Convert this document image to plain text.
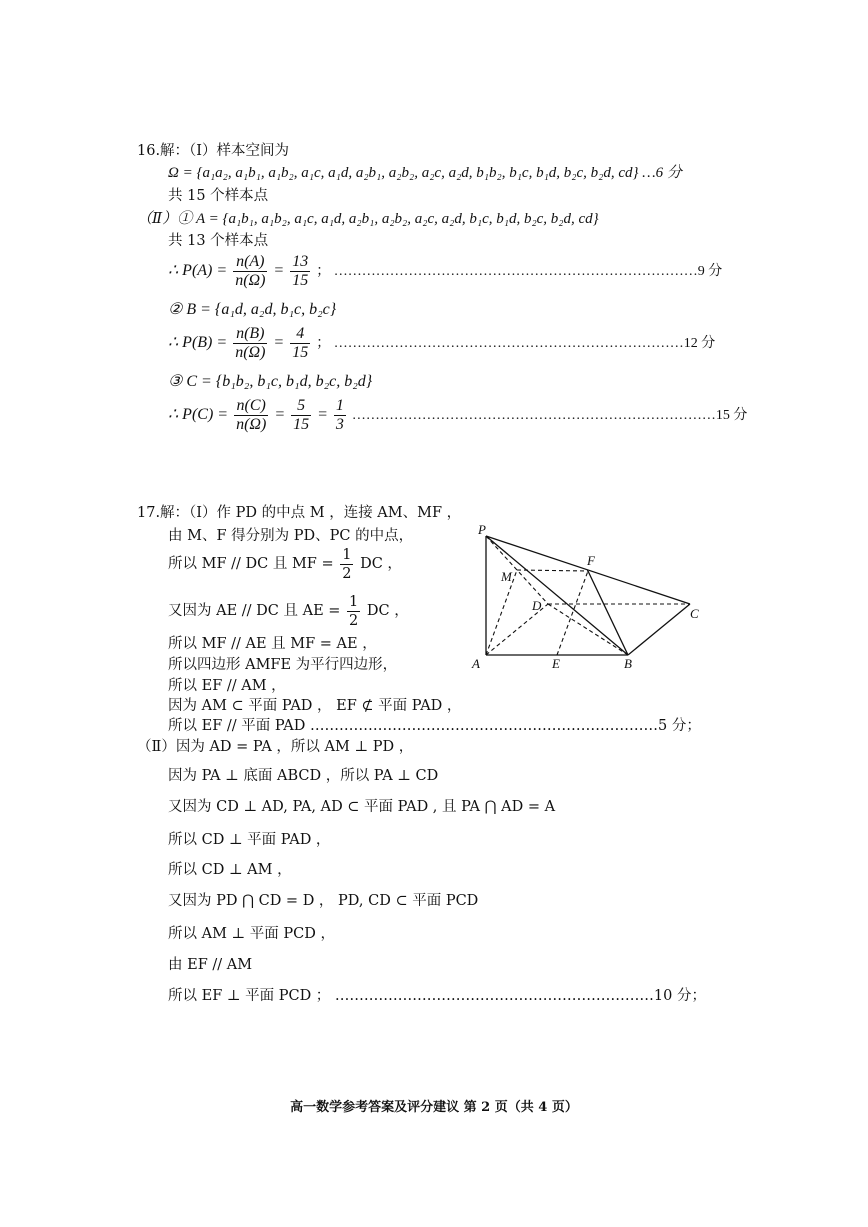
16.解：（Ⅰ）样本空间为
Ω = {a₁a₂, a₁b₁, a₁b₂, a₁c, a₁d, a₂b₁, a₂b₂, a₂c, a₂d, b₁b₂, b₁c, b₁d, b₂c, b₂d, cd} …6 分
共 15 个样本点
（Ⅱ）① A = {a₁b₁, a₁b₂, a₁c, a₁d, a₂b₁, a₂b₂, a₂c, a₂d, b₁c, b₁d, b₂c, b₂d, cd}
共 13 个样本点
∴ $P(A) = \frac{n(A)}{n(\Omega)} = \frac{13}{15}$ ； ……………………………………………………………………9 分
② B = {a₁d, a₂d, b₁c, b₂c}
∴ $P(B) = \frac{n(B)}{n(\Omega)} = \frac{4}{15}$ ； …………………………………………………………………12 分
③ C = {b₁b₂, b₁c, b₁d, b₂c, b₂d}
∴ $P(C) = \frac{n(C)}{n(\Omega)} = \frac{5}{15} = \frac{1}{3}$ ……………………………………………………………………15 分
17.解：（Ⅰ）作 PD 的中点 M ，连接 AM、MF ，
由 M、F 得分别为 PD、PC 的中点，
所以 MF // DC 且 MF = $\frac{1}{2}$ DC ，
又因为 AE // DC 且 AE = $\frac{1}{2}$ DC ，
所以 MF // AE 且 MF = AE ，
所以四边形 AMFE 为平行四边形，
所以 EF // AM ，
因为 AM ⊂ 平面 PAD ， EF ⊄ 平面 PAD ，
所以 EF // 平面 PAD ………………………………………………………………5 分；
（Ⅱ）因为 AD = PA ，所以 AM ⊥ PD ，
因为 PA ⊥ 底面 ABCD ，所以 PA ⊥ CD
又因为 CD ⊥ AD, PA, AD ⊂ 平面 PAD , 且 PA ⋂ AD = A
所以 CD ⊥ 平面 PAD ，
所以 CD ⊥ AM ，
又因为 PD ⋂ CD = D ， PD, CD ⊂ 平面 PCD
所以 AM ⊥ 平面 PCD ，
由 EF // AM
所以 EF ⊥ 平面 PCD ； …………………………………………………………10 分；
P
M
F
D
C
A	E	B
高一数学参考答案及评分建议 第 2 页（共 4 页）
